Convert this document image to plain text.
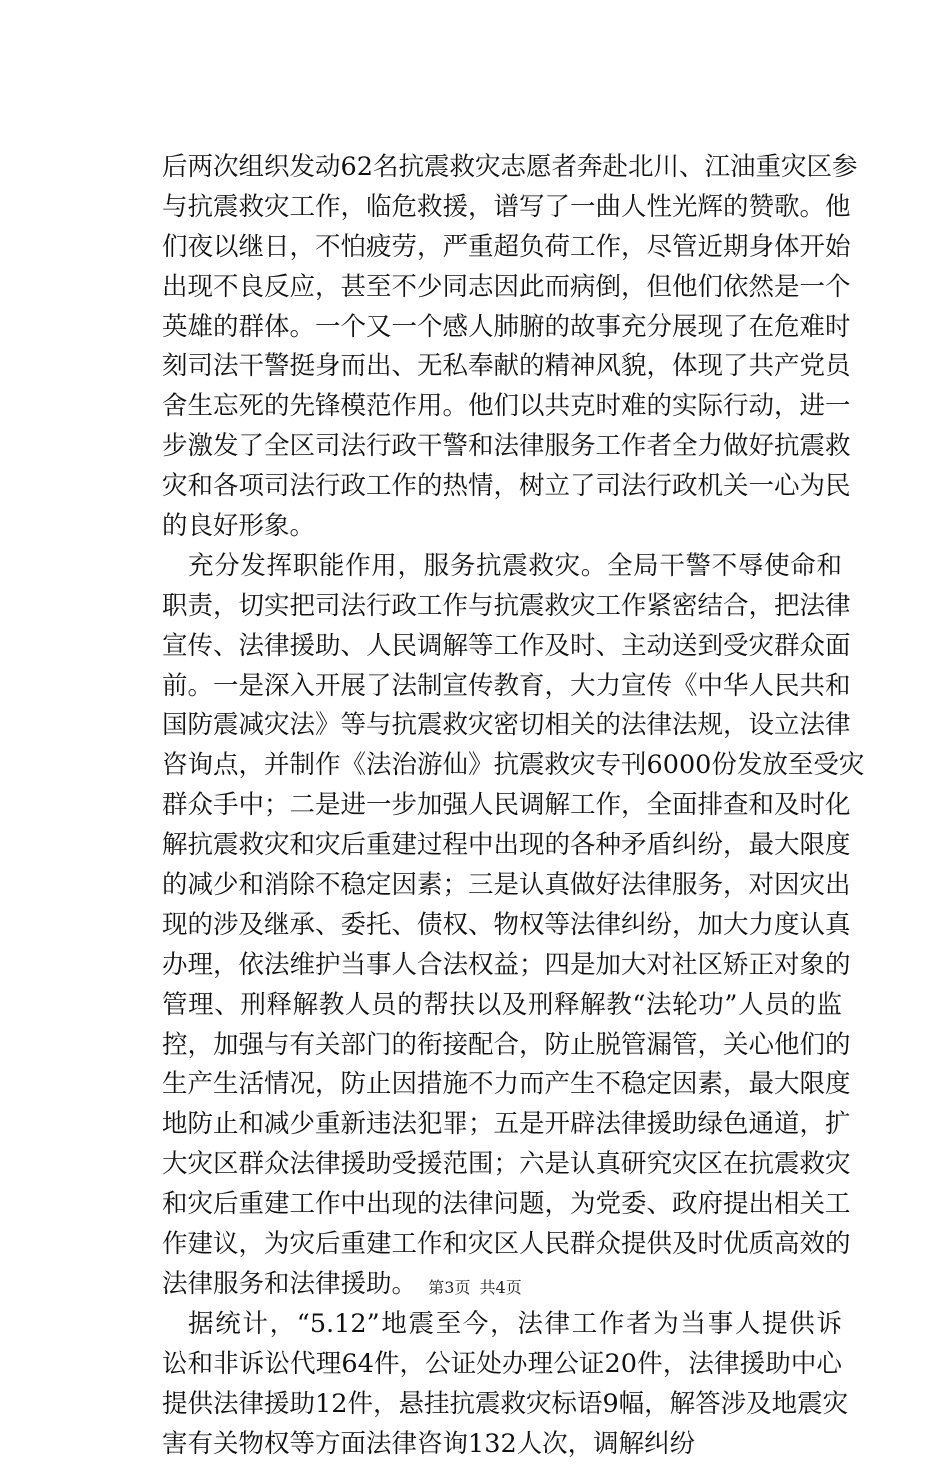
后两次组织发动62名抗震救灾志愿者奔赴北川、江油重灾区参
与抗震救灾工作，临危救援，谱写了一曲人性光辉的赞歌。他
们夜以继日，不怕疲劳，严重超负荷工作，尽管近期身体开始
出现不良反应，甚至不少同志因此而病倒，但他们依然是一个
英雄的群体。一个又一个感人肺腑的故事充分展现了在危难时
刻司法干警挺身而出、无私奉献的精神风貌，体现了共产党员
舍生忘死的先锋模范作用。他们以共克时难的实际行动，进一
步激发了全区司法行政干警和法律服务工作者全力做好抗震救
灾和各项司法行政工作的热情，树立了司法行政机关一心为民
的良好形象。
充分发挥职能作用，服务抗震救灾。全局干警不辱使命和
职责，切实把司法行政工作与抗震救灾工作紧密结合，把法律
宣传、法律援助、人民调解等工作及时、主动送到受灾群众面
前。一是深入开展了法制宣传教育，大力宣传《中华人民共和
国防震减灾法》等与抗震救灾密切相关的法律法规，设立法律
咨询点，并制作《法治游仙》抗震救灾专刊6000份发放至受灾
群众手中；二是进一步加强人民调解工作，全面排查和及时化
解抗震救灾和灾后重建过程中出现的各种矛盾纠纷，最大限度
的减少和消除不稳定因素；三是认真做好法律服务，对因灾出
现的涉及继承、委托、债权、物权等法律纠纷，加大力度认真
办理，依法维护当事人合法权益；四是加大对社区矫正对象的
管理、刑释解教人员的帮扶以及刑释解教“法轮功”人员的监
控，加强与有关部门的衔接配合，防止脱管漏管，关心他们的
生产生活情况，防止因措施不力而产生不稳定因素，最大限度
地防止和减少重新违法犯罪；五是开辟法律援助绿色通道，扩
大灾区群众法律援助受援范围；六是认真研究灾区在抗震救灾
和灾后重建工作中出现的法律问题，为党委、政府提出相关工
作建议，为灾后重建工作和灾区人民群众提供及时优质高效的
法律服务和法律援助。
据统计，“5.12”地震至今，法律工作者为当事人提供诉
讼和非诉讼代理64件，公证处办理公证20件，法律援助中心
提供法律援助12件，悬挂抗震救灾标语9幅，解答涉及地震灾
害有关物权等方面法律咨询132人次，调解纠纷
第3页 共4页
